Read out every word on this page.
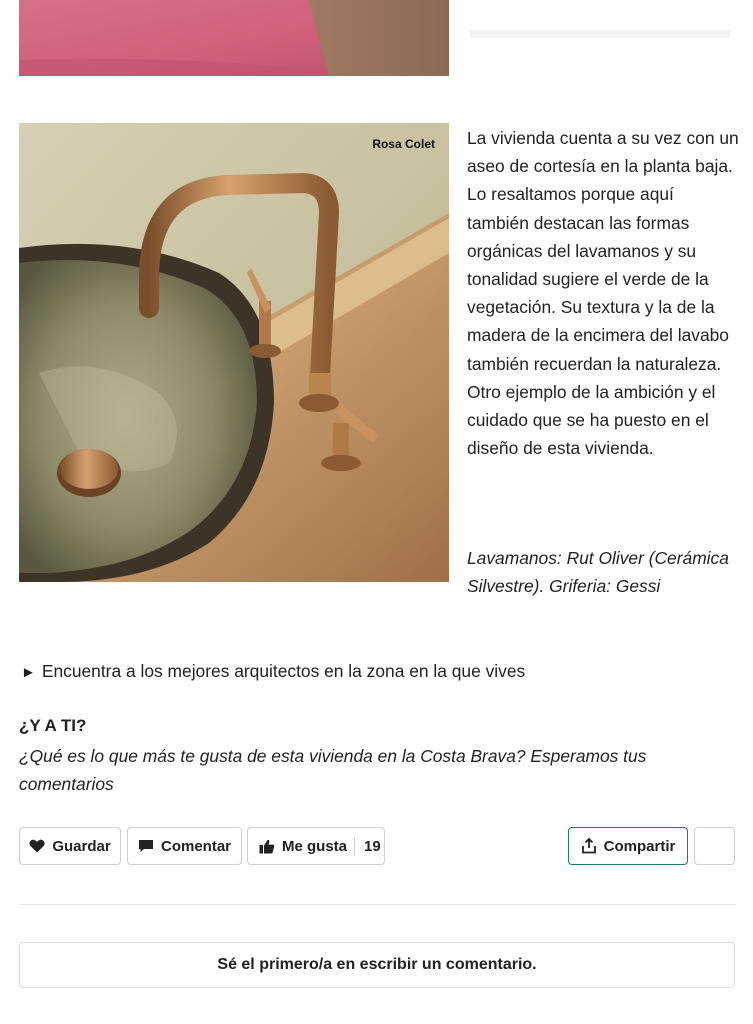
Rosa Colet La vivienda cuenta a su vez con un aseo de cortesía en la planta baja. Lo resaltamos porque aquí también destacan las formas orgánicas del lavamanos y su tonalidad sugiere el verde de la vegetación. Su textura y la de la madera de la encimera del lavabo también recuerdan la naturaleza. Otro ejemplo de la ambición y el cuidado que se ha puesto en el diseño de esta vivienda.

Lavamanos: Rut Oliver (Cerámica Silvestre). Griferia: Gessi

► Encuentra a los mejores arquitectos en la zona en la que vives
¿Y A TI?

¿Qué es lo que más te gusta de esta vivienda en la Costa Brava? Esperamos tus comentarios

Guardar	Comentar	Me gusta 19	Compartir
Sé el primero/a en escribir un comentario.
